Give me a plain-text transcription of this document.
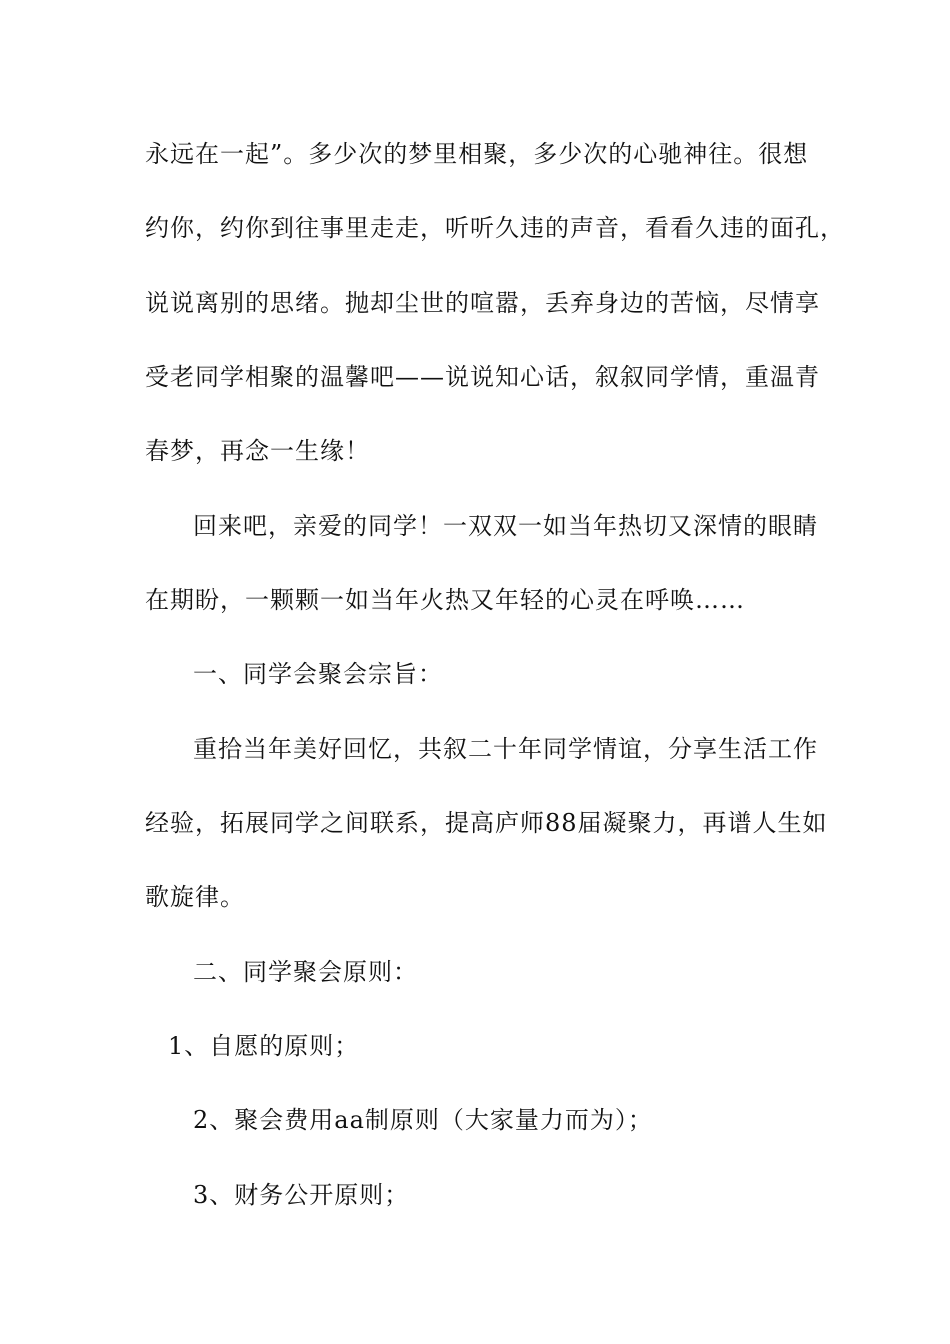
永远在一起”。多少次的梦里相聚，多少次的心驰神往。很想
约你，约你到往事里走走，听听久违的声音，看看久违的面孔，
说说离别的思绪。抛却尘世的喧嚣，丢弃身边的苦恼，尽情享
受老同学相聚的温馨吧——说说知心话，叙叙同学情，重温青
春梦，再念一生缘！
回来吧，亲爱的同学！一双双一如当年热切又深情的眼睛
在期盼，一颗颗一如当年火热又年轻的心灵在呼唤……
一、同学会聚会宗旨：
重拾当年美好回忆，共叙二十年同学情谊，分享生活工作
经验，拓展同学之间联系，提高庐师88届凝聚力，再谱人生如
歌旋律。
二、同学聚会原则：
1、自愿的原则；
2、聚会费用aa制原则（大家量力而为）；
3、财务公开原则；
